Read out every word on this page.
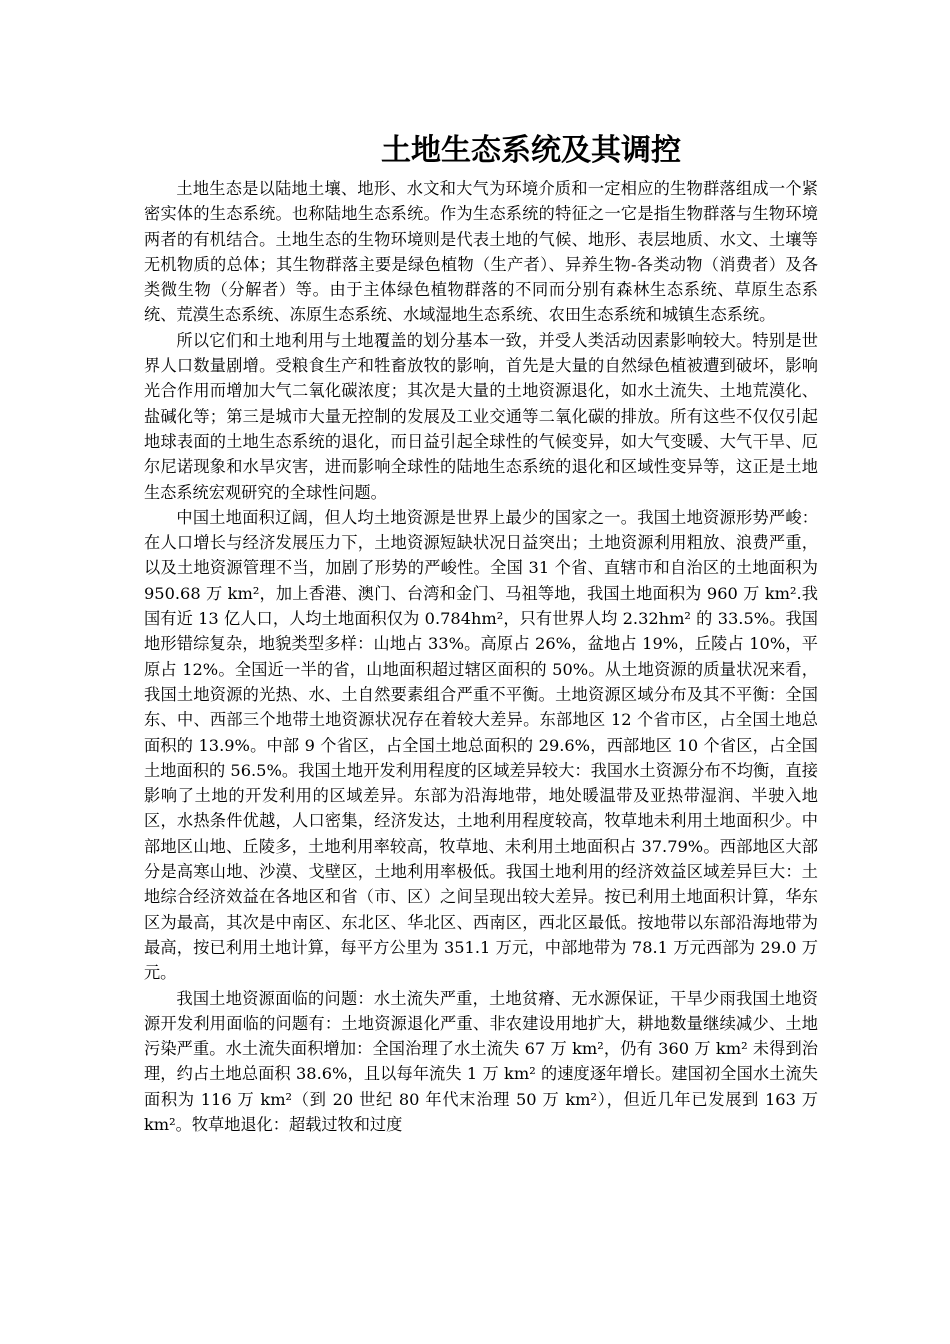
土地生态系统及其调控

土地生态是以陆地土壤、地形、水文和大气为环境介质和一定相应的生物群落组成一个紧密实体的生态系统。也称陆地生态系统。作为生态系统的特征之一它是指生物群落与生物环境两者的有机结合。土地生态的生物环境则是代表土地的气候、地形、表层地质、水文、土壤等无机物质的总体；其生物群落主要是绿色植物（生产者）、异养生物-各类动物（消费者）及各类微生物（分解者）等。由于主体绿色植物群落的不同而分别有森林生态系统、草原生态系统、荒漠生态系统、冻原生态系统、水域湿地生态系统、农田生态系统和城镇生态系统。

所以它们和土地利用与土地覆盖的划分基本一致，并受人类活动因素影响较大。特别是世界人口数量剧增。受粮食生产和牲畜放牧的影响，首先是大量的自然绿色植被遭到破坏，影响光合作用而增加大气二氧化碳浓度；其次是大量的土地资源退化，如水土流失、土地荒漠化、盐碱化等；第三是城市大量无控制的发展及工业交通等二氧化碳的排放。所有这些不仅仅引起地球表面的土地生态系统的退化，而日益引起全球性的气候变异，如大气变暖、大气干旱、厄尔尼诺现象和水旱灾害，进而影响全球性的陆地生态系统的退化和区域性变异等，这正是土地生态系统宏观研究的全球性问题。

中国土地面积辽阔，但人均土地资源是世界上最少的国家之一。我国土地资源形势严峻：在人口增长与经济发展压力下，土地资源短缺状况日益突出；土地资源利用粗放、浪费严重，以及土地资源管理不当，加剧了形势的严峻性。全国 31 个省、直辖市和自治区的土地面积为 950.68 万 km²，加上香港、澳门、台湾和金门、马祖等地，我国土地面积为 960 万 km².我国有近 13 亿人口，人均土地面积仅为 0.784hm²，只有世界人均 2.32hm² 的 33.5%。我国地形错综复杂，地貌类型多样：山地占 33%。高原占 26%，盆地占 19%，丘陵占 10%，平原占 12%。全国近一半的省，山地面积超过辖区面积的 50%。从土地资源的质量状况来看，我国土地资源的光热、水、土自然要素组合严重不平衡。土地资源区域分布及其不平衡：全国东、中、西部三个地带土地资源状况存在着较大差异。东部地区 12 个省市区，占全国土地总面积的 13.9%。中部 9 个省区，占全国土地总面积的 29.6%，西部地区 10 个省区，占全国土地面积的 56.5%。我国土地开发利用程度的区域差异较大：我国水土资源分布不均衡，直接影响了土地的开发利用的区域差异。东部为沿海地带，地处暖温带及亚热带湿润、半驶入地区，水热条件优越，人口密集，经济发达，土地利用程度较高，牧草地未利用土地面积少。中部地区山地、丘陵多，土地利用率较高，牧草地、未利用土地面积占 37.79%。西部地区大部分是高寒山地、沙漠、戈壁区，土地利用率极低。我国土地利用的经济效益区域差异巨大：土地综合经济效益在各地区和省（市、区）之间呈现出较大差异。按已利用土地面积计算，华东区为最高，其次是中南区、东北区、华北区、西南区，西北区最低。按地带以东部沿海地带为最高，按已利用土地计算，每平方公里为 351.1 万元，中部地带为 78.1 万元西部为 29.0 万元。

我国土地资源面临的问题：水土流失严重，土地贫瘠、无水源保证，干旱少雨我国土地资源开发利用面临的问题有：土地资源退化严重、非农建设用地扩大，耕地数量继续减少、土地污染严重。水土流失面积增加：全国治理了水土流失 67 万 km²，仍有 360 万 km² 未得到治理，约占土地总面积 38.6%，且以每年流失 1 万 km² 的速度逐年增长。建国初全国水土流失面积为 116 万 km²（到 20 世纪 80 年代末治理 50 万 km²），但近几年已发展到 163 万 km²。牧草地退化：超载过牧和过度
